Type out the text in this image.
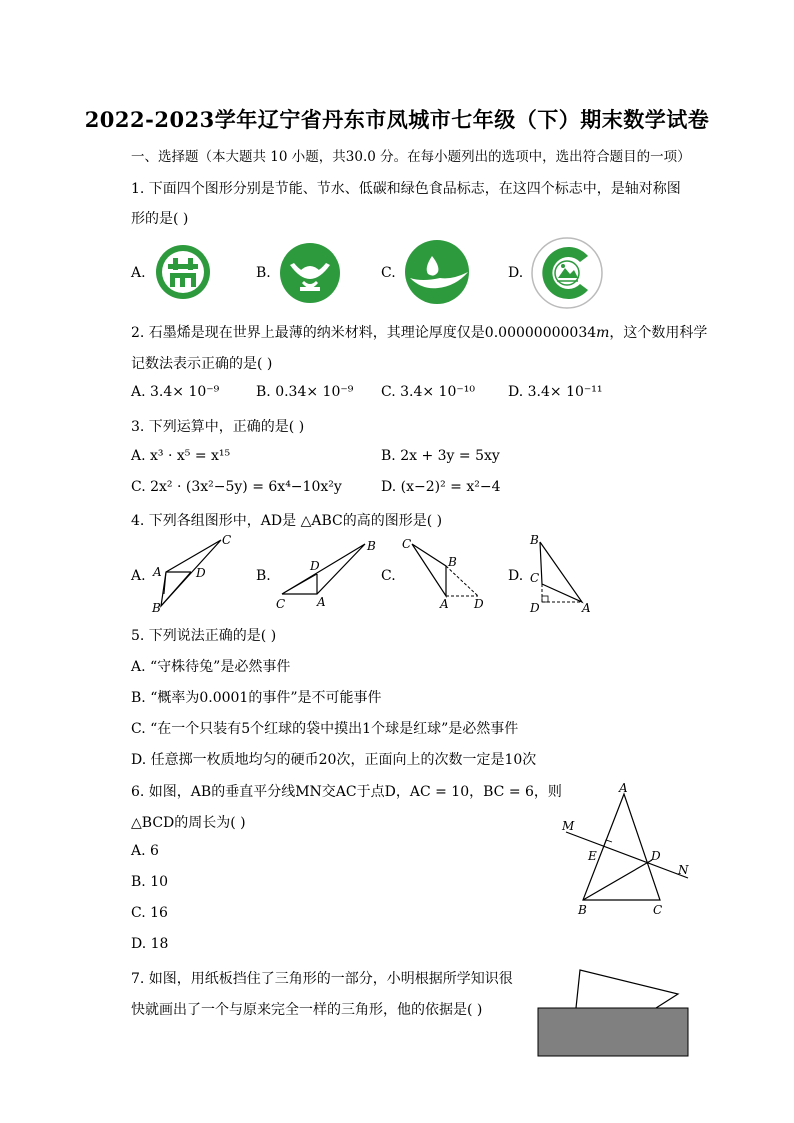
2022-2023学年辽宁省丹东市凤城市七年级（下）期末数学试卷
一、选择题（本大题共 10 小题，共30.0 分。在每小题列出的选项中，选出符合题目的一项）
1. 下面四个图形分别是节能、节水、低碳和绿色食品标志，在这四个标志中，是轴对称图
形的是( )
A.	B.	C.	D.
2. 石墨烯是现在世界上最薄的纳米材料，其理论厚度仅是0.00000000034𝑚，这个数用科学
记数法表示正确的是( )
A. 3.4× 10⁻⁹	B. 0.34× 10⁻⁹ C. 3.4× 10⁻¹⁰ D. 3.4× 10⁻¹¹
3. 下列运算中，正确的是( )
A. x³ · x⁵ = x¹⁵	B. 2x + 3y = 5xy
C. 2x² · (3x²−5y) = 6x⁴−10x²y	D. (x−2)² = x²−4
4. 下列各组图形中，AD是 △ABC的高的图形是( )
A.
C
A	D
B
B.
B
D
C	A
C.
C
B
A D
D.
B
C
D	A
5. 下列说法正确的是( )
A. “守株待兔”是必然事件
B. “概率为0.0001的事件”是不可能事件
C. “在一个只装有5个红球的袋中摸出1个球是红球”是必然事件
D. 任意掷一枚质地均匀的硬币20次，正面向上的次数一定是10次
6. 如图，AB的垂直平分线MN交AC于点D，AC = 10，BC = 6，则
△BCD的周长为( )
A. 6
B. 10
C. 16
D. 18
A
M
E	D
N
B	C
7. 如图，用纸板挡住了三角形的一部分，小明根据所学知识很
快就画出了一个与原来完全一样的三角形，他的依据是( )
